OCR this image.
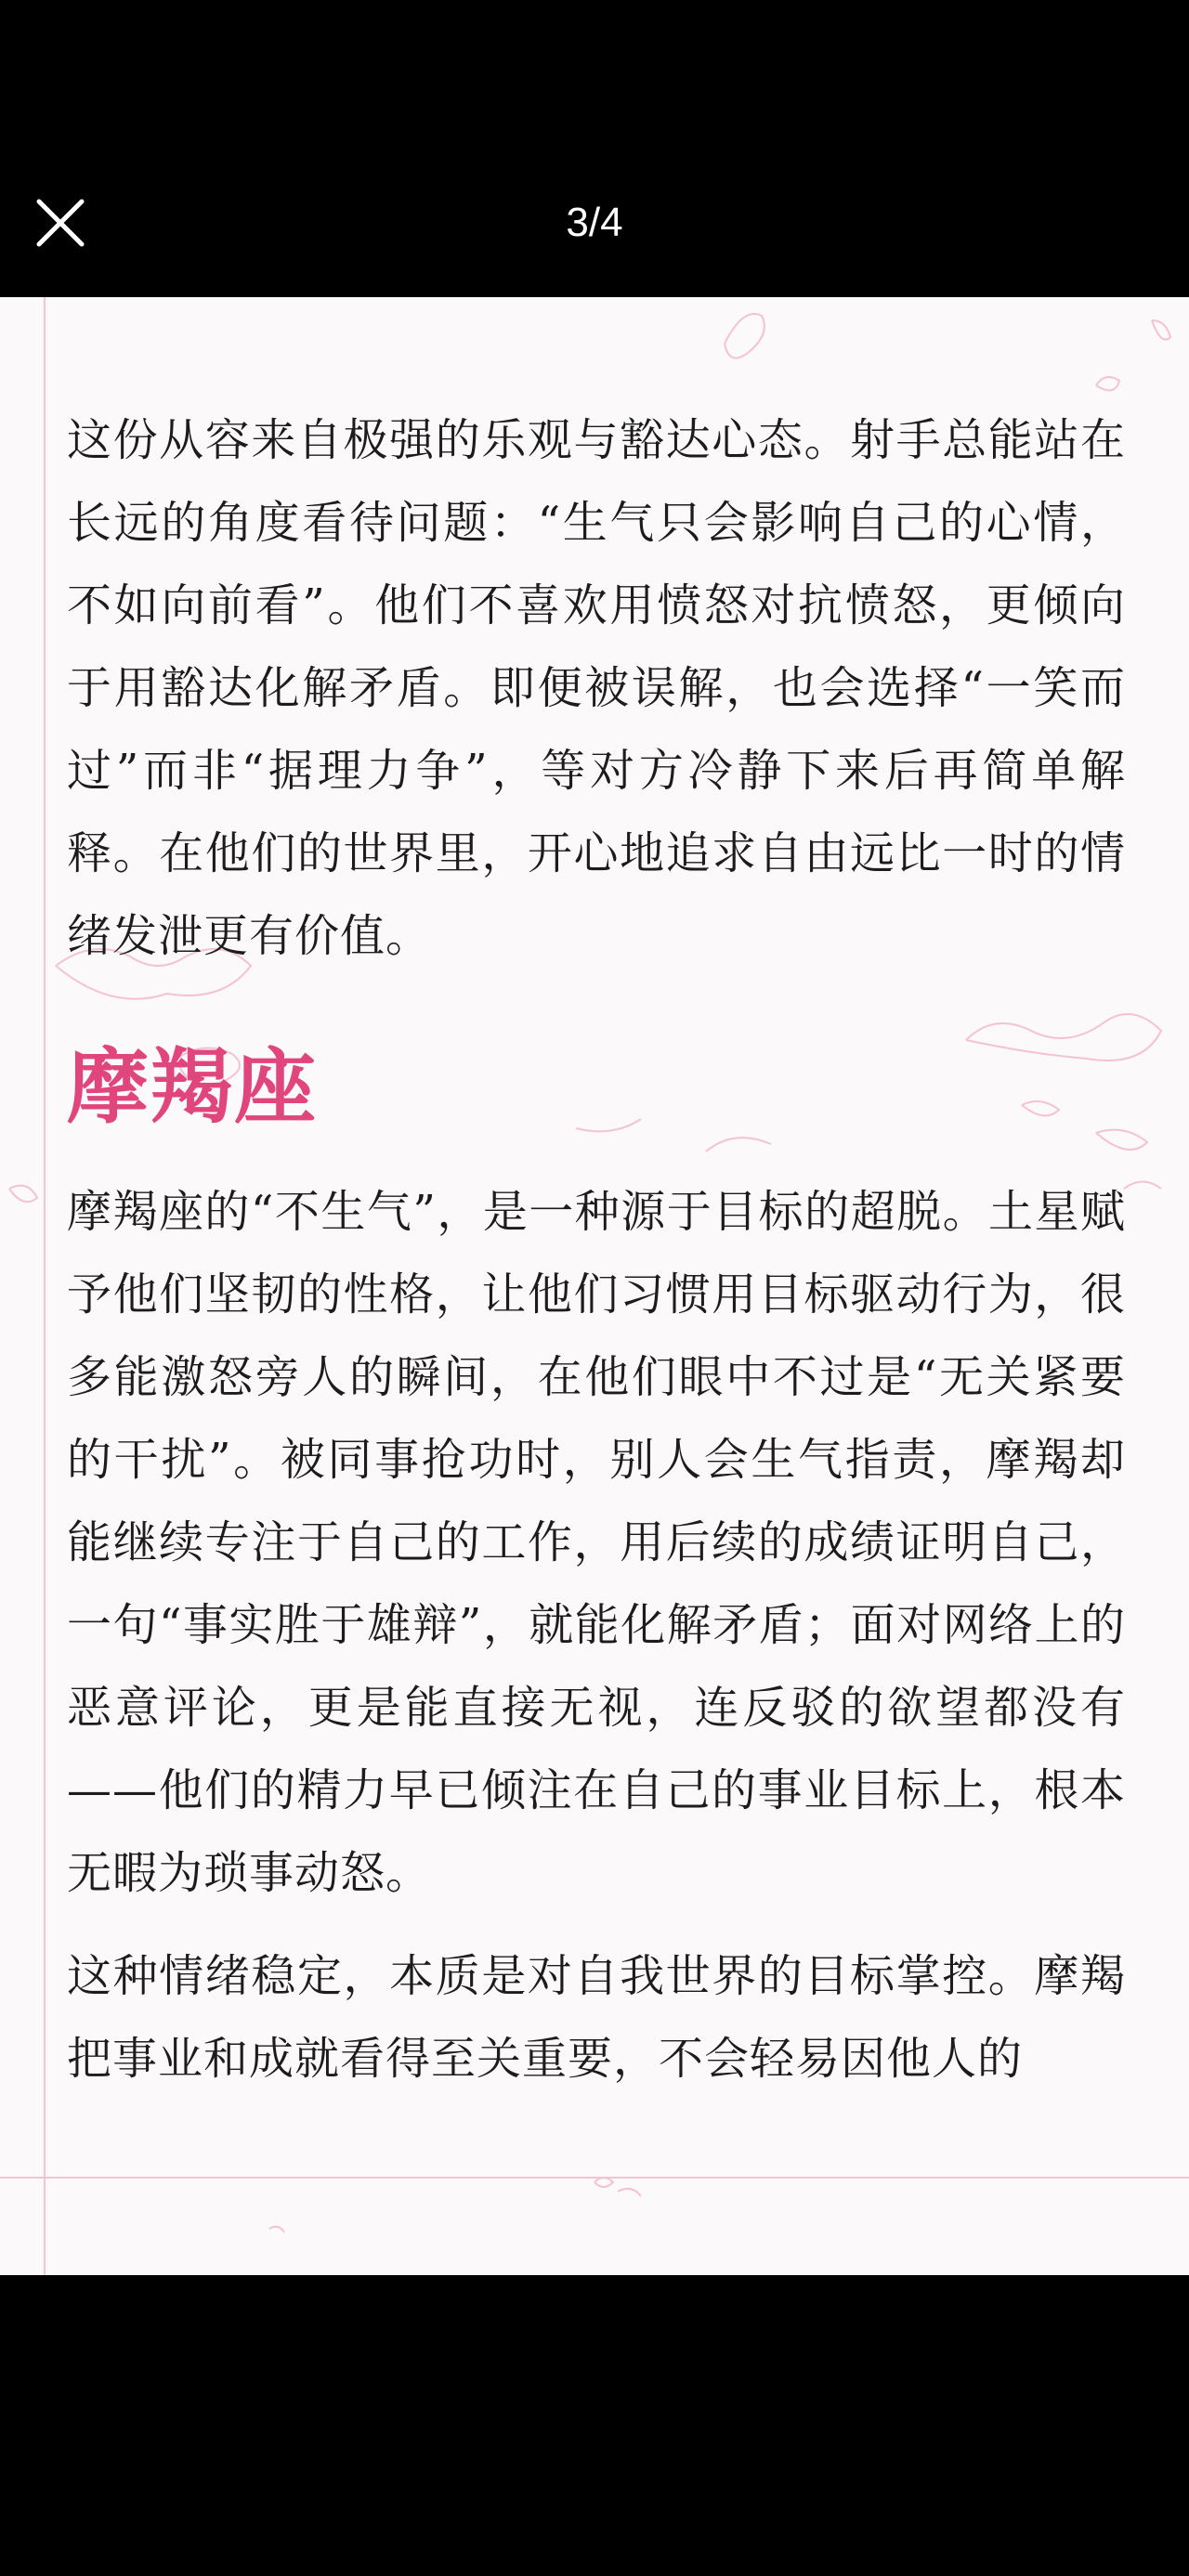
3/4

这份从容来自极强的乐观与豁达心态。射手总能站在长远的角度看待问题：“生气只会影响自己的心情，不如向前看”。他们不喜欢用愤怒对抗愤怒，更倾向于用豁达化解矛盾。即便被误解，也会选择“一笑而过”而非“据理力争”，等对方冷静下来后再简单解释。在他们的世界里，开心地追求自由远比一时的情绪发泄更有价值。

摩羯座

摩羯座的“不生气”，是一种源于目标的超脱。土星赋予他们坚韧的性格，让他们习惯用目标驱动行为，很多能激怒旁人的瞬间，在他们眼中不过是“无关紧要的干扰”。被同事抢功时，别人会生气指责，摩羯却能继续专注于自己的工作，用后续的成绩证明自己，一句“事实胜于雄辩”，就能化解矛盾；面对网络上的恶意评论，更是能直接无视，连反驳的欲望都没有——他们的精力早已倾注在自己的事业目标上，根本无暇为琐事动怒。

这种情绪稳定，本质是对自我世界的目标掌控。摩羯把事业和成就看得至关重要，不会轻易因他人的
